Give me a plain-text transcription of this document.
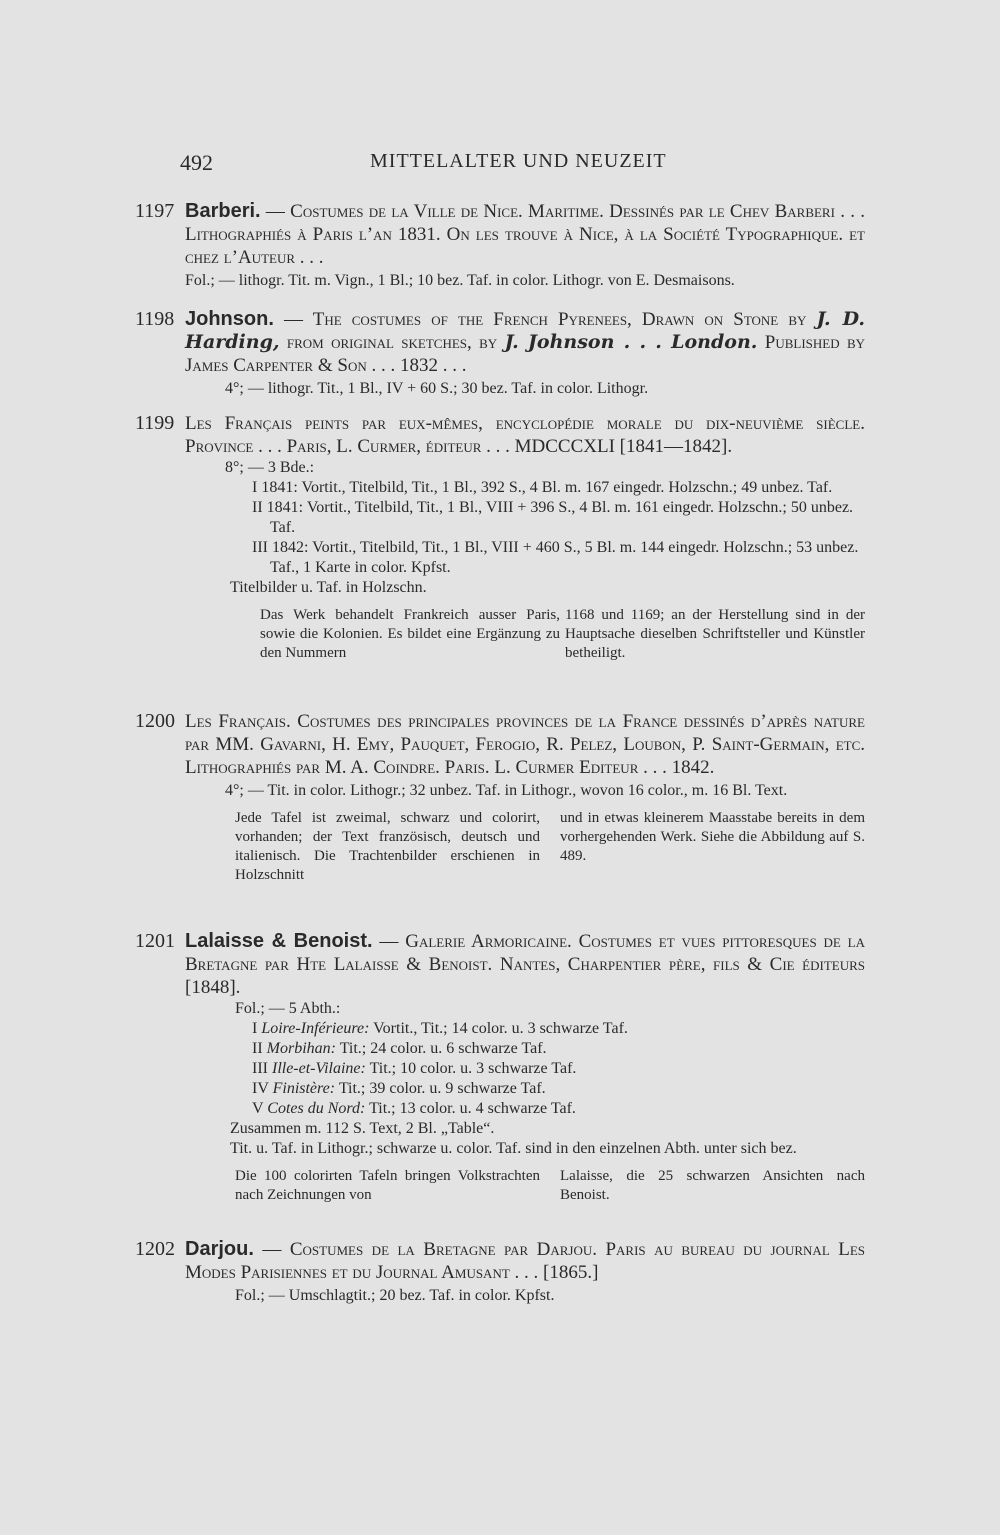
492	MITTELALTER UND NEUZEIT

1197 Barberi. — Costumes de la Ville de Nice. Maritime. Dessinés par le Chev Barberi . . . Lithographiés à Paris l’an 1831. On les trouve à Nice, à la Société Typographique. et chez l’Auteur . . .

Fol.; — lithogr. Tit. m. Vign., 1 Bl.; 10 bez. Taf. in color. Lithogr. von E. Desmaisons.

1198 Johnson. — The costumes of the French Pyrenees, Drawn on Stone by J. D. Harding, from original sketches, by J. Johnson . . . London. Published by James Carpenter & Son . . . 1832 . . .

4°; — lithogr. Tit., 1 Bl., IV + 60 S.; 30 bez. Taf. in color. Lithogr.

1199 Les Français peints par eux-mêmes, encyclopédie morale du dix-neuvième siècle. Province . . . Paris, L. Curmer, éditeur . . . MDCCCXLI [1841—1842].

8°; — 3 Bde.:

I 1841: Vortit., Titelbild, Tit., 1 Bl., 392 S., 4 Bl. m. 167 eingedr. Holzschn.; 49 unbez. Taf.

II 1841: Vortit., Titelbild, Tit., 1 Bl., VIII + 396 S., 4 Bl. m. 161 eingedr. Holzschn.; 50 unbez. Taf.

III 1842: Vortit., Titelbild, Tit., 1 Bl., VIII + 460 S., 5 Bl. m. 144 eingedr. Holzschn.; 53 unbez. Taf., 1 Karte in color. Kpfst.

Titelbilder u. Taf. in Holzschn.

Das Werk behandelt Frankreich ausser Paris, sowie die Kolonien. Es bildet eine Ergänzung zu den Nummern
1168 und 1169; an der Herstellung sind in der Hauptsache dieselben Schriftsteller und Künstler betheiligt.

1200 Les Français. Costumes des principales provinces de la France dessinés d’après nature par MM. Gavarni, H. Emy, Pauquet, Ferogio, R. Pelez, Loubon, P. Saint-Germain, etc. Lithographiés par M. A. Coindre. Paris. L. Curmer Editeur . . . 1842.

4°; — Tit. in color. Lithogr.; 32 unbez. Taf. in Lithogr., wovon 16 color., m. 16 Bl. Text.

Jede Tafel ist zweimal, schwarz und colorirt, vorhanden; der Text französisch, deutsch und italienisch. Die Trachtenbilder erschienen in Holzschnitt
und in etwas kleinerem Maasstabe bereits in dem vorhergehenden Werk. Siehe die Abbildung auf S. 489.

1201 Lalaisse & Benoist. — Galerie Armoricaine. Costumes et vues pittoresques de la Bretagne par Hte Lalaisse & Benoist. Nantes, Charpentier père, fils & Cie éditeurs [1848].

Fol.; — 5 Abth.:

I Loire-Inférieure: Vortit., Tit.; 14 color. u. 3 schwarze Taf.

II Morbihan: Tit.; 24 color. u. 6 schwarze Taf.

III Ille-et-Vilaine: Tit.; 10 color. u. 3 schwarze Taf.

IV Finistère: Tit.; 39 color. u. 9 schwarze Taf.

V Cotes du Nord: Tit.; 13 color. u. 4 schwarze Taf.

Zusammen m. 112 S. Text, 2 Bl. „Table“.

Tit. u. Taf. in Lithogr.; schwarze u. color. Taf. sind in den einzelnen Abth. unter sich bez.

Die 100 colorirten Tafeln bringen Volkstrachten nach Zeichnungen von
Lalaisse, die 25 schwarzen Ansichten nach Benoist.

1202 Darjou. — Costumes de la Bretagne par Darjou. Paris au bureau du journal Les Modes Parisiennes et du Journal Amusant . . . [1865.]

Fol.; — Umschlagtit.; 20 bez. Taf. in color. Kpfst.
